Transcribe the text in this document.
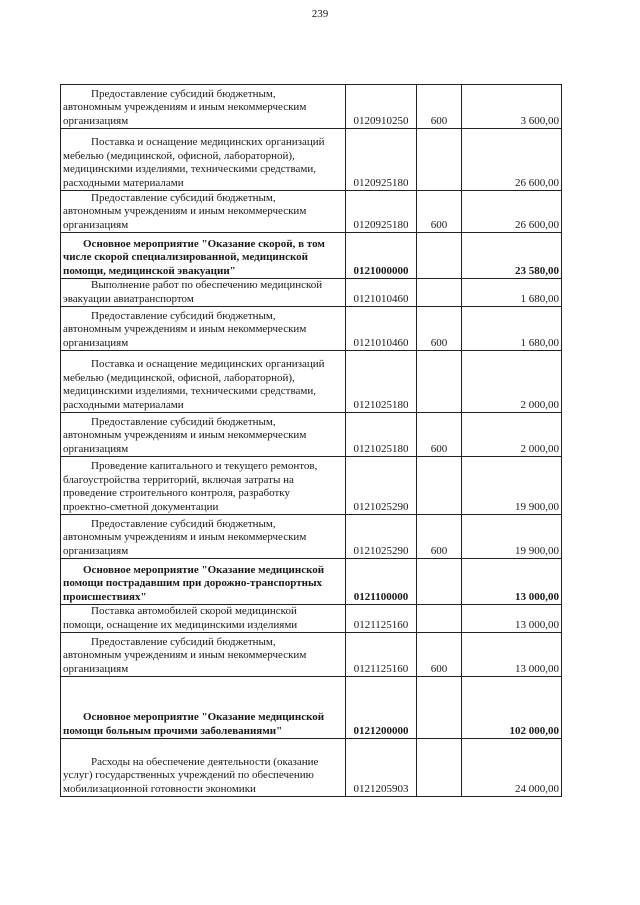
239
Предоставление субсидий бюджетным,
автономным учреждениям и иным некоммерческим
организациям	0120910250	600	3 600,00

Поставка и оснащение медицинских организаций
мебелью (медицинской, офисной, лабораторной),
медицинскими изделиями, техническими средствами,
расходными материалами	0120925180		26 600,00

Предоставление субсидий бюджетным,
автономным учреждениям и иным некоммерческим
организациям	0120925180	600	26 600,00

Основное мероприятие "Оказание скорой, в том
числе скорой специализированной, медицинской
помощи, медицинской эвакуации"	0121000000		23 580,00

Выполнение работ по обеспечению медицинской
эвакуации авиатранспортом	0121010460		1 680,00

Предоставление субсидий бюджетным,
автономным учреждениям и иным некоммерческим
организациям	0121010460	600	1 680,00

Поставка и оснащение медицинских организаций
мебелью (медицинской, офисной, лабораторной),
медицинскими изделиями, техническими средствами,
расходными материалами	0121025180		2 000,00

Предоставление субсидий бюджетным,
автономным учреждениям и иным некоммерческим
организациям	0121025180	600	2 000,00

Проведение капитального и текущего ремонтов,
благоустройства территорий, включая затраты на
проведение строительного контроля, разработку
проектно-сметной документации	0121025290		19 900,00

Предоставление субсидий бюджетным,
автономным учреждениям и иным некоммерческим
организациям	0121025290	600	19 900,00

Основное мероприятие "Оказание медицинской
помощи пострадавшим при дорожно-транспортных
происшествиях"	0121100000		13 000,00

Поставка автомобилей скорой медицинской
помощи, оснащение их медицинскими изделиями	0121125160		13 000,00

Предоставление субсидий бюджетным,
автономным учреждениям и иным некоммерческим
организациям	0121125160	600	13 000,00

Основное мероприятие "Оказание медицинской
помощи больным прочими заболеваниями"	0121200000		102 000,00

Расходы на обеспечение деятельности (оказание
услуг) государственных учреждений по обеспечению
мобилизационной готовности экономики	0121205903		24 000,00
